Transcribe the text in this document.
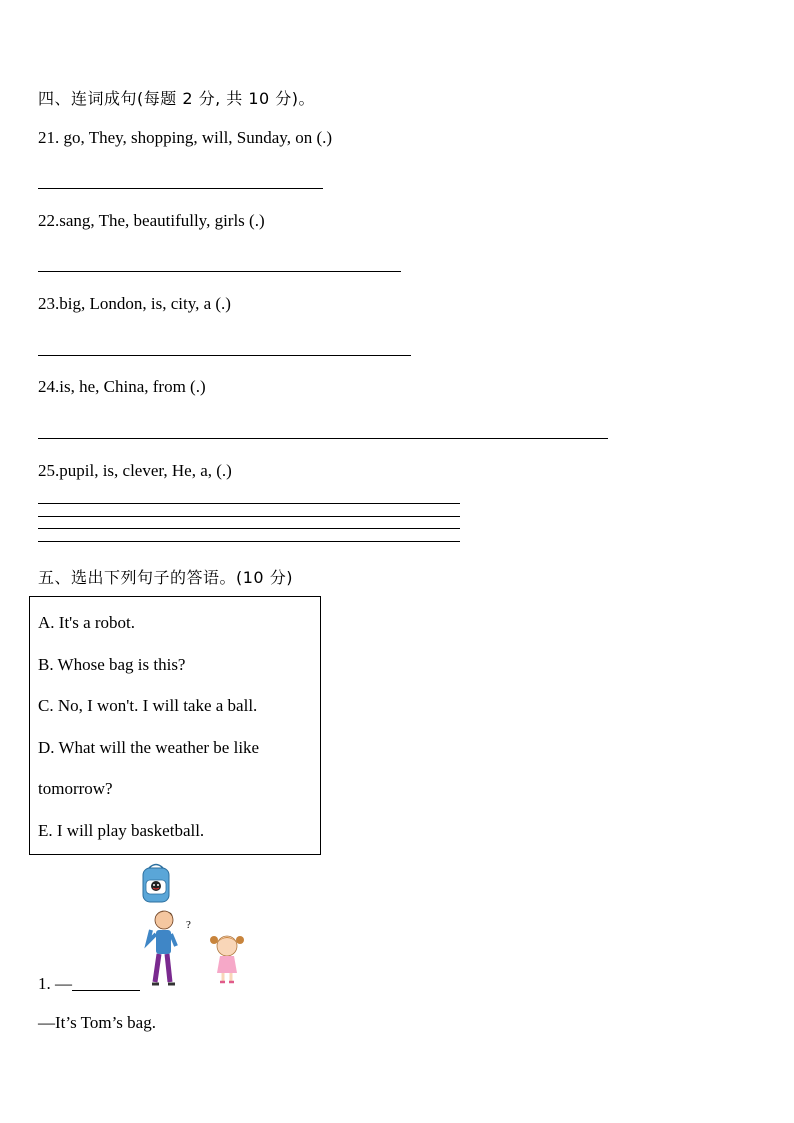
四、连词成句(每题 2 分, 共 10 分)。
21. go, They, shopping, will, Sunday, on (.)
22.sang, The, beautifully, girls (.)
23.big, London, is, city, a (.)
24.is, he, China, from (.)
25.pupil, is, clever, He, a, (.)
五、选出下列句子的答语。(10 分)
A. It's a robot.
B. Whose bag is this?
C. No, I won't. I will take a ball.
D. What will the weather be like
tomorrow?
E. I will play basketball.
?
1. —
—It’s Tom’s bag.
